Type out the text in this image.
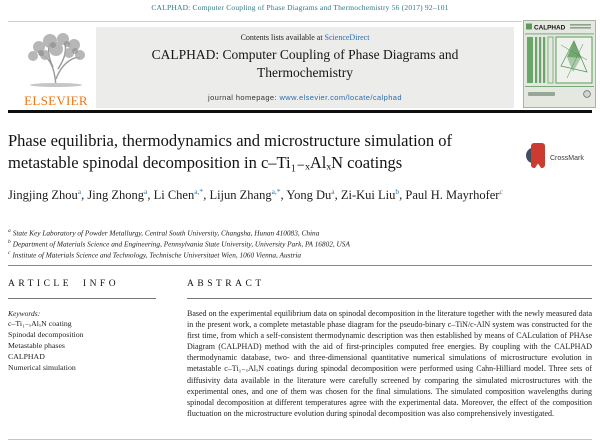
CALPHAD: Computer Coupling of Phase Diagrams and Thermochemistry 56 (2017) 92–101
ELSEVIER
Contents lists available at ScienceDirect
CALPHAD: Computer Coupling of Phase Diagrams and Thermochemistry
journal homepage: www.elsevier.com/locate/calphad
CALPHAD
Phase equilibria, thermodynamics and microstructure simulation of metastable spinodal decomposition in c–Ti₁₋ₓAlₓN coatings	CrossMark
Jingjing Zhou$^a$, Jing Zhong$^a$, Li Chen$^{a,*}$, Lijun Zhang$^{a,*}$, Yong Du$^a$, Zi-Kui Liu$^b$, Paul H. Mayrhofer$^c$
$^a$ State Key Laboratory of Powder Metallurgy, Central South University, Changsha, Hunan 410083, China
$^b$ Department of Materials Science and Engineering, Pennsylvania State University, University Park, PA 16802, USA
$^c$ Institute of Materials Science and Technology, Technische Universitaet Wien, 1060 Vienna, Austria
ARTICLE INFO
Keywords:
c–Ti₁₋ₓAlₓN coating
Spinodal decomposition
Metastable phases
CALPHAD
Numerical simulation
ABSTRACT

Based on the experimental equilibrium data on spinodal decomposition in the literature together with the newly measured data in the present work, a complete metastable phase diagram for the pseudo-binary c–TiN/c-AlN system was constructed for the first time, from which a self-consistent thermodynamic description was then established by means of CALculation of PHAse Diagram (CALPHAD) method with the aid of first-principles computed free energies. By coupling with the CALPHAD thermodynamic database, two- and three-dimensional quantitative numerical simulations of microstructure evolution in metastable c–Ti₁₋ₓAlₓN coatings during spinodal decomposition were performed using Cahn-Hilliard model. Three sets of diffusivity data available in the literature were carefully screened by comparing the simulated microstructures with the experimental ones, and one of them was chosen for the final simulations. The simulated composition wavelengths during spinodal decomposition at different temperatures agree with the experimental data. Moreover, the effect of the composition fluctuation on the microstructure evolution during spinodal decomposition was also comprehensively investigated.
